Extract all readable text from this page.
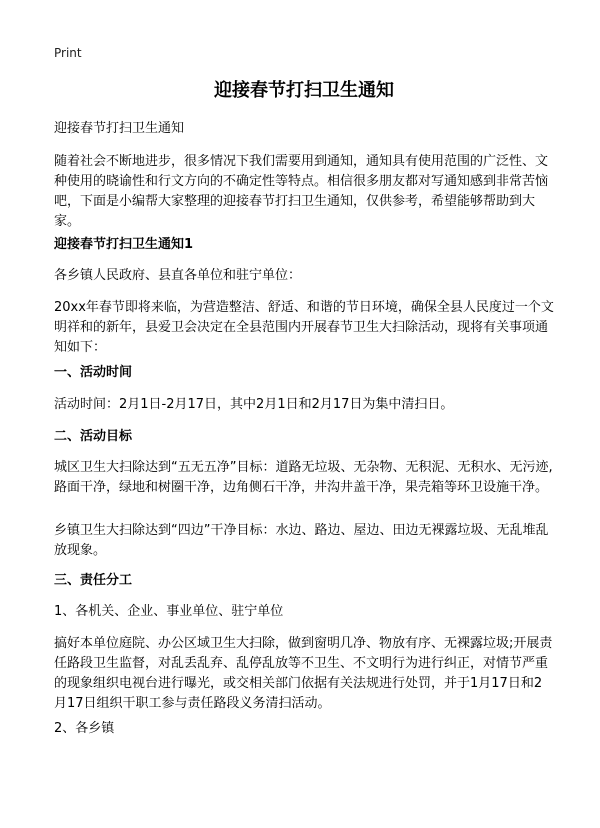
Print
迎接春节打扫卫生通知
迎接春节打扫卫生通知
随着社会不断地进步，很多情况下我们需要用到通知，通知具有使用范围的广泛性、文种使用的晓谕性和行文方向的不确定性等特点。相信很多朋友都对写通知感到非常苦恼吧，下面是小编帮大家整理的迎接春节打扫卫生通知，仅供参考，希望能够帮助到大家。
迎接春节打扫卫生通知1
各乡镇人民政府、县直各单位和驻宁单位：
20xx年春节即将来临，为营造整洁、舒适、和谐的节日环境，确保全县人民度过一个文明祥和的新年，县爱卫会决定在全县范围内开展春节卫生大扫除活动，现将有关事项通知如下：
一、活动时间
活动时间：2月1日-2月17日，其中2月1日和2月17日为集中清扫日。
二、活动目标
城区卫生大扫除达到“五无五净”目标：道路无垃圾、无杂物、无积泥、无积水、无污迹,路面干净，绿地和树圈干净，边角侧石干净，井沟井盖干净，果壳箱等环卫设施干净。
乡镇卫生大扫除达到“四边”干净目标：水边、路边、屋边、田边无裸露垃圾、无乱堆乱放现象。
三、责任分工
1、各机关、企业、事业单位、驻宁单位
搞好本单位庭院、办公区域卫生大扫除，做到窗明几净、物放有序、无裸露垃圾;开展责任路段卫生监督，对乱丢乱弃、乱停乱放等不卫生、不文明行为进行纠正，对情节严重的现象组织电视台进行曝光，或交相关部门依据有关法规进行处罚，并于1月17日和2月17日组织干职工参与责任路段义务清扫活动。
2、各乡镇
